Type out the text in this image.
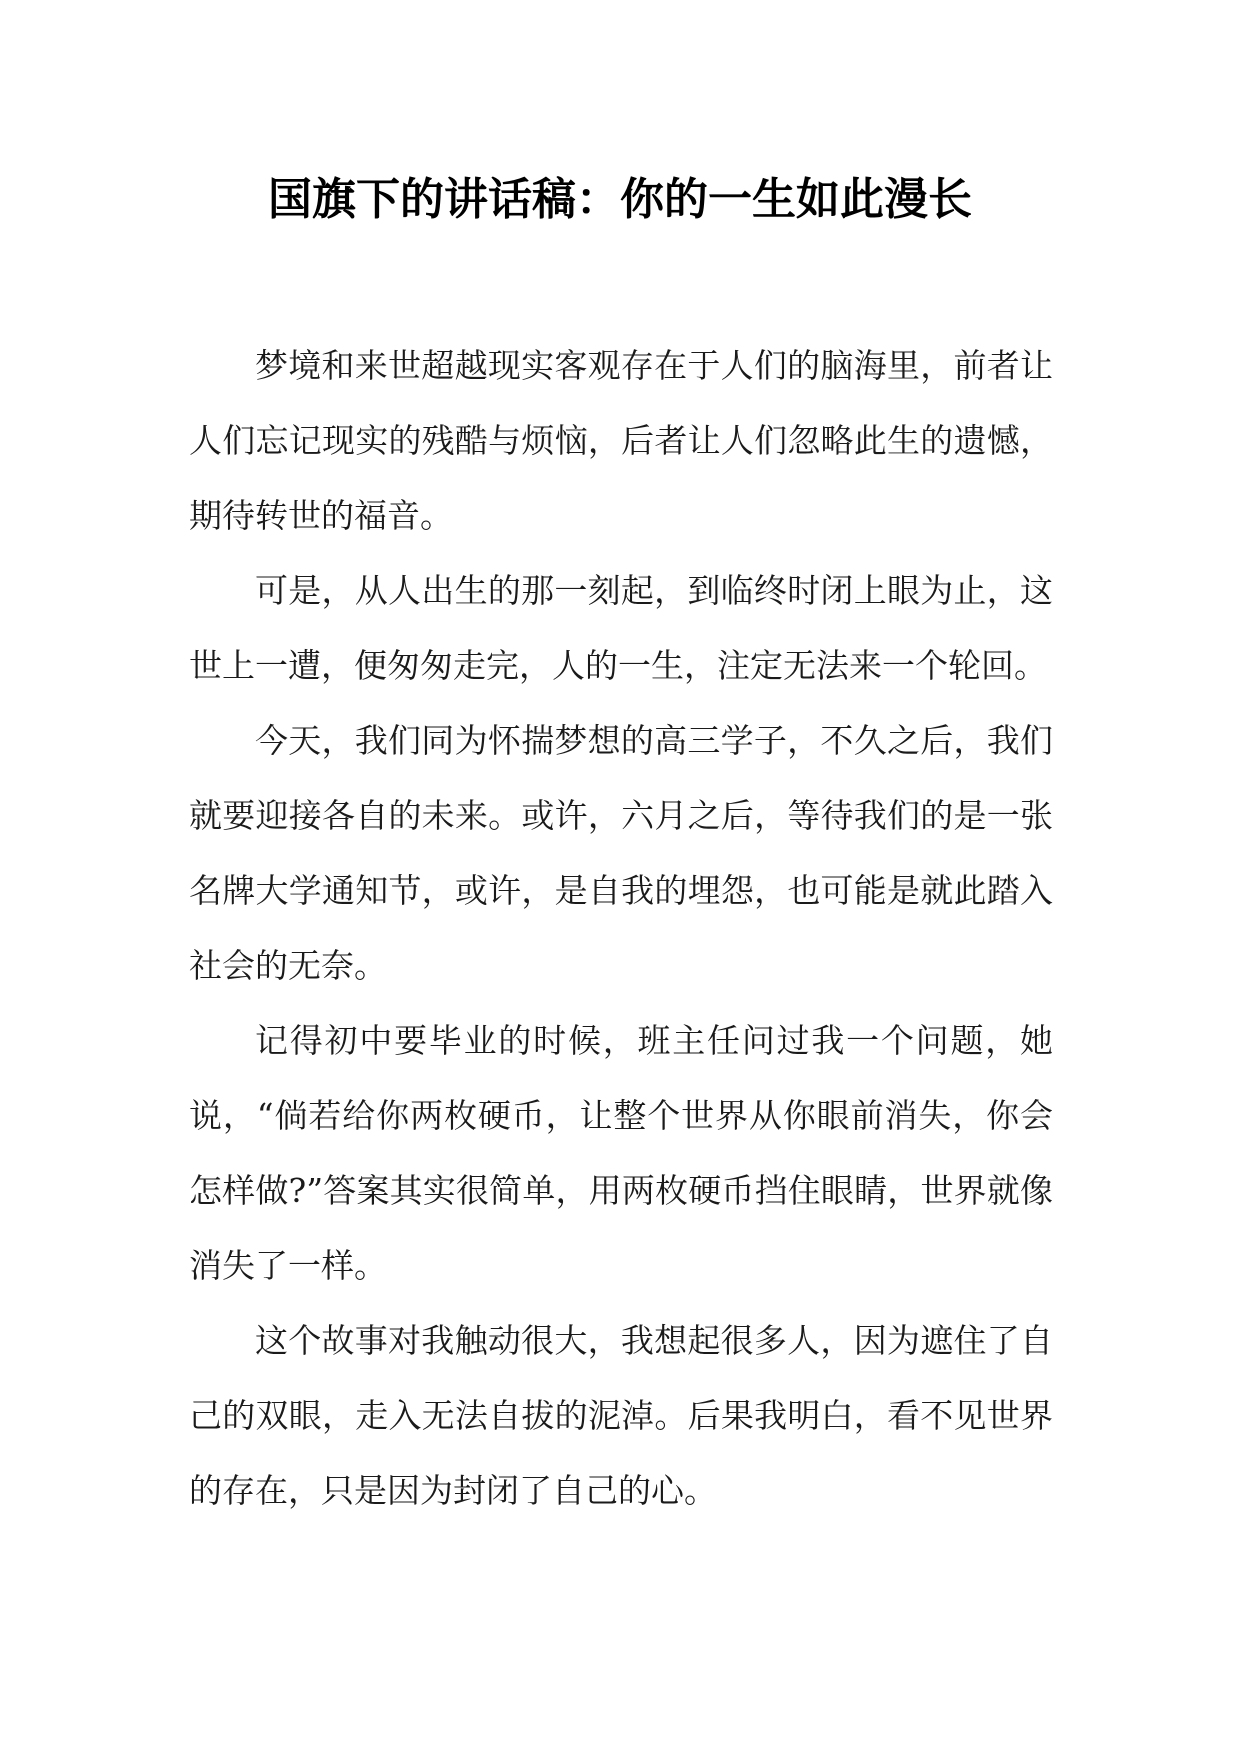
国旗下的讲话稿：你的一生如此漫长

梦境和来世超越现实客观存在于人们的脑海里，前者让人们忘记现实的残酷与烦恼，后者让人们忽略此生的遗憾，期待转世的福音。

可是，从人出生的那一刻起，到临终时闭上眼为止，这世上一遭，便匆匆走完，人的一生，注定无法来一个轮回。

今天，我们同为怀揣梦想的高三学子，不久之后，我们就要迎接各自的未来。或许，六月之后，等待我们的是一张名牌大学通知节，或许，是自我的埋怨，也可能是就此踏入社会的无奈。

记得初中要毕业的时候，班主任问过我一个问题，她说，“倘若给你两枚硬币，让整个世界从你眼前消失，你会怎样做?”答案其实很简单，用两枚硬币挡住眼睛，世界就像消失了一样。

这个故事对我触动很大，我想起很多人，因为遮住了自己的双眼，走入无法自拔的泥淖。后果我明白，看不见世界的存在，只是因为封闭了自己的心。
